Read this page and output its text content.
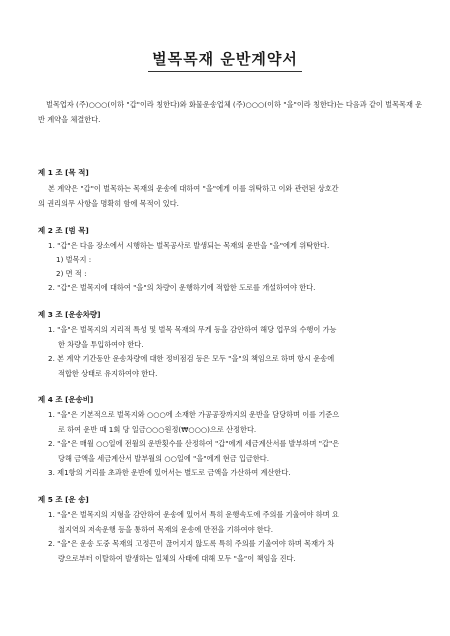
벌목목재 운반계약서
벌목업자 (주)○○○(이하 "갑"이라 칭한다)와 화물운송업체 (주)○○○(이하 "을"이라 칭한다)는 다음과 같이 벌목목재 운반 계약을 체결한다.
제 1 조 [목 적]
본 계약은 "갑"이 벌목하는 목재의 운송에 대하여 "을"에게 이를 위탁하고 이와 관련된 상호간
의 권리의무 사항을 명확히 함에 목적이 있다.
제 2 조 [범 목]
1. "갑"은 다음 장소에서 시행하는 벌목공사로 발생되는 목재의 운반을 "을"에게 위탁한다.
1) 벌목지 :
2) 면 적 :
2. "갑"은 벌목지에 대하여 "을"의 차량이 운행하기에 적합한 도로를 개설하여야 한다.
제 3 조 [운송차량]
1. "을"은 벌목지의 지리적 특성 및 벌목 목재의 무게 등을 감안하여 해당 업무의 수행이 가능
한 차량을 투입하여야 한다.
2. 본 계약 기간동안 운송차량에 대한 정비점검 등은 모두 "을"의 책임으로 하며 항시 운송에
적합한 상태로 유지하여야 한다.
제 4 조 [운송비]
1. "을"은 기본적으로 벌목지와 ○○○에 소재한 가공공장까지의 운반을 담당하며 이를 기준으
로 하여 운반 때 1회 당 일금○○○원정(₩○○○)으로 산정한다.
2. "을"은 매월 ○○일에 전월의 운반횟수를 산정하여 "갑"에게 세금계산서를 발부하며 "갑"은
당해 금액을 세금계산서 발부월의 ○○일에 "을"에게 현금 입금한다.
3. 제1항의 거리를 초과한 운반에 있어서는 별도로 금액을 가산하여 계산한다.
제 5 조 [운 송]
1. "을"은 벌목지의 지형을 감안하여 운송에 있어서 특히 운행속도에 주의를 기울여야 하며 요
철지역의 저속운행 등을 통하여 목재의 운송에 만전을 기하여야 한다.
2. "을"은 운송 도중 목재의 고정끈이 끊어지지 않도록 특히 주의를 기울여야 하며 목재가 차
량으로부터 이탈하여 발생하는 일체의 사태에 대해 모두 "을"이 책임을 진다.
